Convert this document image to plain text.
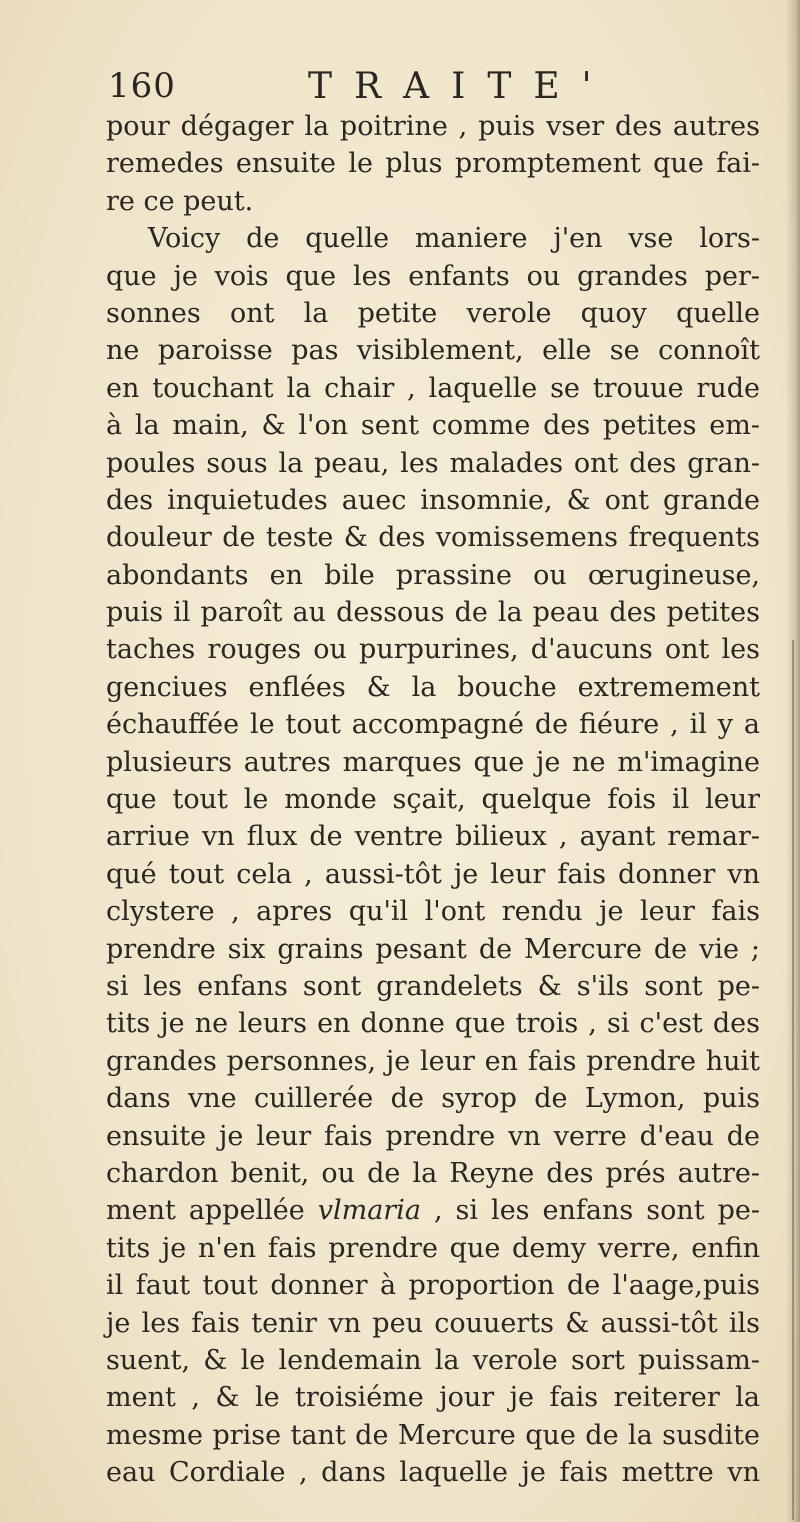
160	TRAITE'
pour dégager la poitrine , puis vser des autres
remedes ensuite le plus promptement que fai-
re ce peut.
Voicy de quelle maniere j'en vse lors-
que je vois que les enfants ou grandes per-
sonnes ont la petite verole quoy quelle
ne paroisse pas visiblement, elle se connoît
en touchant la chair , laquelle se trouue rude
à la main, & l'on sent comme des petites em-
poules sous la peau, les malades ont des gran-
des inquietudes auec insomnie, & ont grande
douleur de teste & des vomissemens frequents
abondants en bile prassine ou œrugineuse,
puis il paroît au dessous de la peau des petites
taches rouges ou purpurines, d'aucuns ont les
genciues enflées & la bouche extremement
échauffée le tout accompagné de fiéure , il y a
plusieurs autres marques que je ne m'imagine
que tout le monde sçait, quelque fois il leur
arriue vn flux de ventre bilieux , ayant remar-
qué tout cela , aussi-tôt je leur fais donner vn
clystere , apres qu'il l'ont rendu je leur fais
prendre six grains pesant de Mercure de vie ;
si les enfans sont grandelets & s'ils sont pe-
tits je ne leurs en donne que trois , si c'est des
grandes personnes, je leur en fais prendre huit
dans vne cuillerée de syrop de Lymon, puis
ensuite je leur fais prendre vn verre d'eau de
chardon benit, ou de la Reyne des prés autre-
ment appellée vlmaria , si les enfans sont pe-
tits je n'en fais prendre que demy verre, enfin
il faut tout donner à proportion de l'aage,puis
je les fais tenir vn peu couuerts & aussi-tôt ils
suent, & le lendemain la verole sort puissam-
ment , & le troisiéme jour je fais reiterer la
mesme prise tant de Mercure que de la susdite
eau Cordiale , dans laquelle je fais mettre vn
